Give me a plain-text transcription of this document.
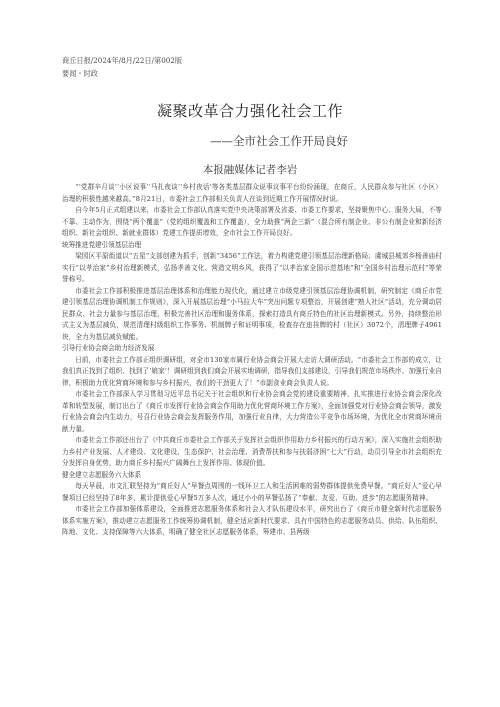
商丘日报/2024年/8月/22日/第002版
要闻・时政
凝聚改革合力强化社会工作
——全市社会工作开局良好
本报融媒体记者李岩

“‘党群辛月谈’‘小区说事’‘马扎夜谈’‘乡村夜话’等各类基层群众说事议事平台纷纷涌现，在商丘，人民群众参与社区（小区）治理的积极性越来越高。”8月21日，市委社会工作部相关负责人在谈到近期工作开展情况时说。

自今年5月正式组建以来，市委社会工作部认真落实党中央决策部署及省委、市委工作要求，坚持聚焦中心、服务大局，不等不靠、主动作为，围绕“两个覆盖”（党的组织覆盖和工作覆盖），全力助推“两企三新”（混合所有制企业、非公有制企业和新经济组织、新社会组织、新就业群体）党建工作提质增效，全市社会工作开局良好。

统筹推进党建引领基层治理

梁园区平原街道以“五星”支部创建为抓手，创新“3456”工作法，着力构建党建引领基层治理新格局；虞城县城郊乡杨善庙村实行“以孝治家”乡村治理新模式，弘扬孝善文化、营造文明乡风，获得了“以孝治家全国示范基地”和“全国乡村治理示范村”等荣誉称号。

市委社会工作部积极推进基层治理体系和治理能力现代化，通过建立市级党建引领基层治理协调机制，研究制定《商丘市党建引领基层治理协调机制工作规则》，深入开展基层治理“小马拉大车”突出问题专项整治，开展创建“熟人社区”活动，充分调动居民群众、社会力量参与基层治理，积极完善社区治理和服务体系，探索打造具有商丘特色的社区治理新模式。另外，持续整治形式主义为基层减负，规范清理村级组织工作事务、机制牌子和证明事项，检查存在违挂牌的村（社区）3072个，清理牌子4961块，全力为基层减负赋能。

引导行业协会商会助力经济发展

日前，市委社会工作部正组织调研组，对全市130家市属行业协会商会开展大走访大调研活动。“市委社会工作部的成立，让我们真正找到了组织、找到了‘娘家’！调研组到我们商会开展实地调研，指导我们支部建设，引导我们规范市场秩序、加强行业自律，积极助力优化营商环境和参与乡村振兴，我们的干劲更大了！”市副食业商会负责人说。

市委社会工作部深入学习贯彻习近平总书记关于社会组织和行业协会商会党的建设重要精神，扎实推进行业协会商会深化改革和转型发展，制订出台了《商丘市发挥行业协会商会作用助力优化营商环境工作方案》，全面加强党对行业协会商会领导，激发行业协会商会内生动力，号召行业协会商会发挥服务作用，加强行业自律，大力营造公平竞争市场环境，为优化全市营商环境贡献力量。

市委社会工作部还出台了《中共商丘市委社会工作部关于发挥社会组织作用助力乡村振兴的行动方案》，深入实施社会组织助力乡村产业发展、人才建设、文化建设、生态保护、社会治理、消费帮扶和参与扶弱济困“七大”行动，动员引导全市社会组织充分发挥自身优势，助力商丘乡村振兴广阔舞台上发挥作用、体现价值。

健全建立志愿服务六大体系

每天早晨，市文汇联坚持为“商丘好人”早餐点周围的一线环卫工人和生活困难的弱势群体提供免费早餐。“商丘好人”爱心早餐项目已经坚持了8年多，累计提供爱心早餐5万多人次，通过小小的早餐弘扬了“奉献、友爱、互助、进步”的志愿服务精神。

市委社会工作部加强体系建设，全面推进志愿服务体系和社会人才队伍建设水平，研究出台了《商丘市健全新时代志愿服务体系实施方案》，推动建立志愿服务工作统筹协调机制，健全适应新时代要求、具有中国特色的志愿服务动员、供给、队伍组织、阵地、文化、支持保障等六大体系，明确了健全社区志愿服务体系，筹建市、县两级
